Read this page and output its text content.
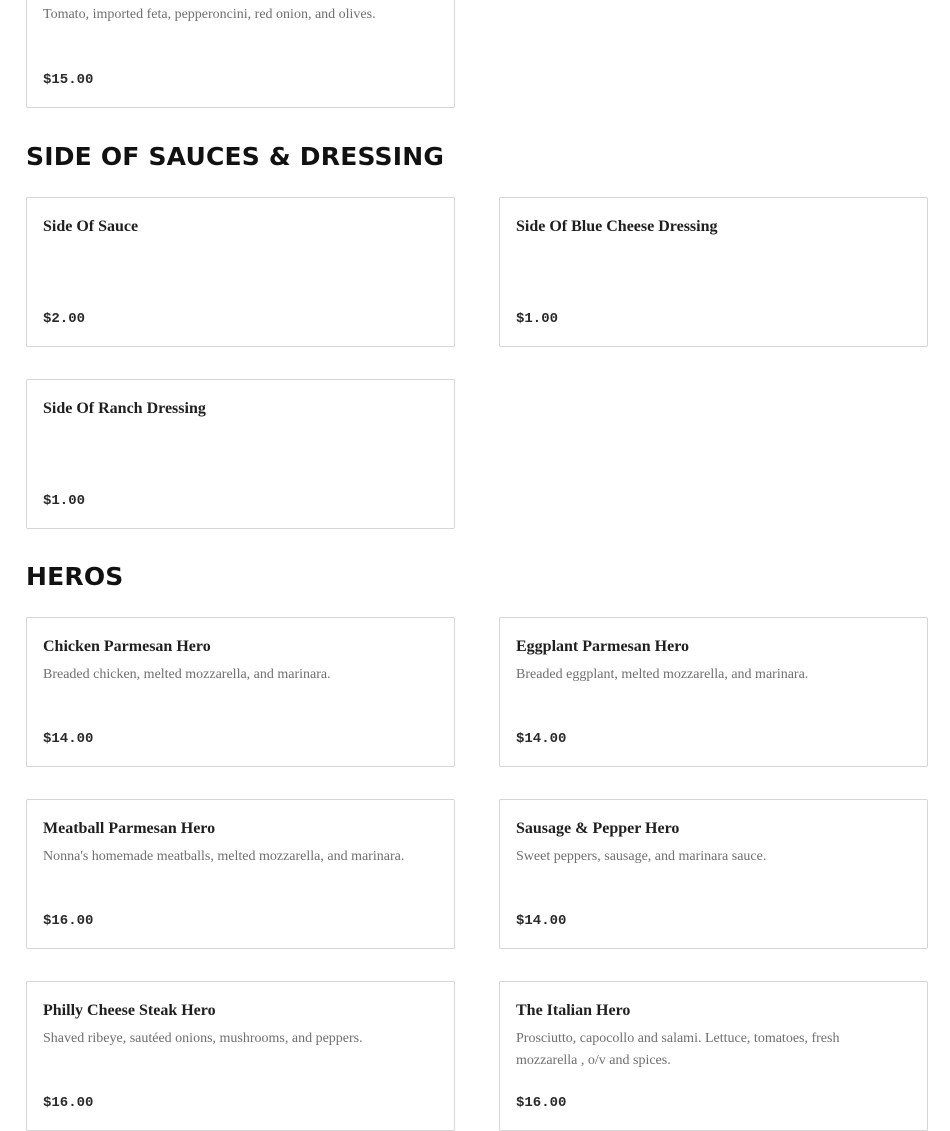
Tomato, imported feta, pepperoncini, red onion, and olives.
$15.00
SIDE OF SAUCES & DRESSING
Side Of Sauce
$2.00
Side Of Blue Cheese Dressing
$1.00
Side Of Ranch Dressing
$1.00
HEROS
Chicken Parmesan Hero
Breaded chicken, melted mozzarella, and marinara.
$14.00
Eggplant Parmesan Hero
Breaded eggplant, melted mozzarella, and marinara.
$14.00
Meatball Parmesan Hero
Nonna's homemade meatballs, melted mozzarella, and marinara.
$16.00
Sausage & Pepper Hero
Sweet peppers, sausage, and marinara sauce.
$14.00
Philly Cheese Steak Hero
Shaved ribeye, sautéed onions, mushrooms, and peppers.
$16.00
The Italian Hero
Prosciutto, capocollo and salami. Lettuce, tomatoes, fresh mozzarella , o/v and spices.
$16.00
